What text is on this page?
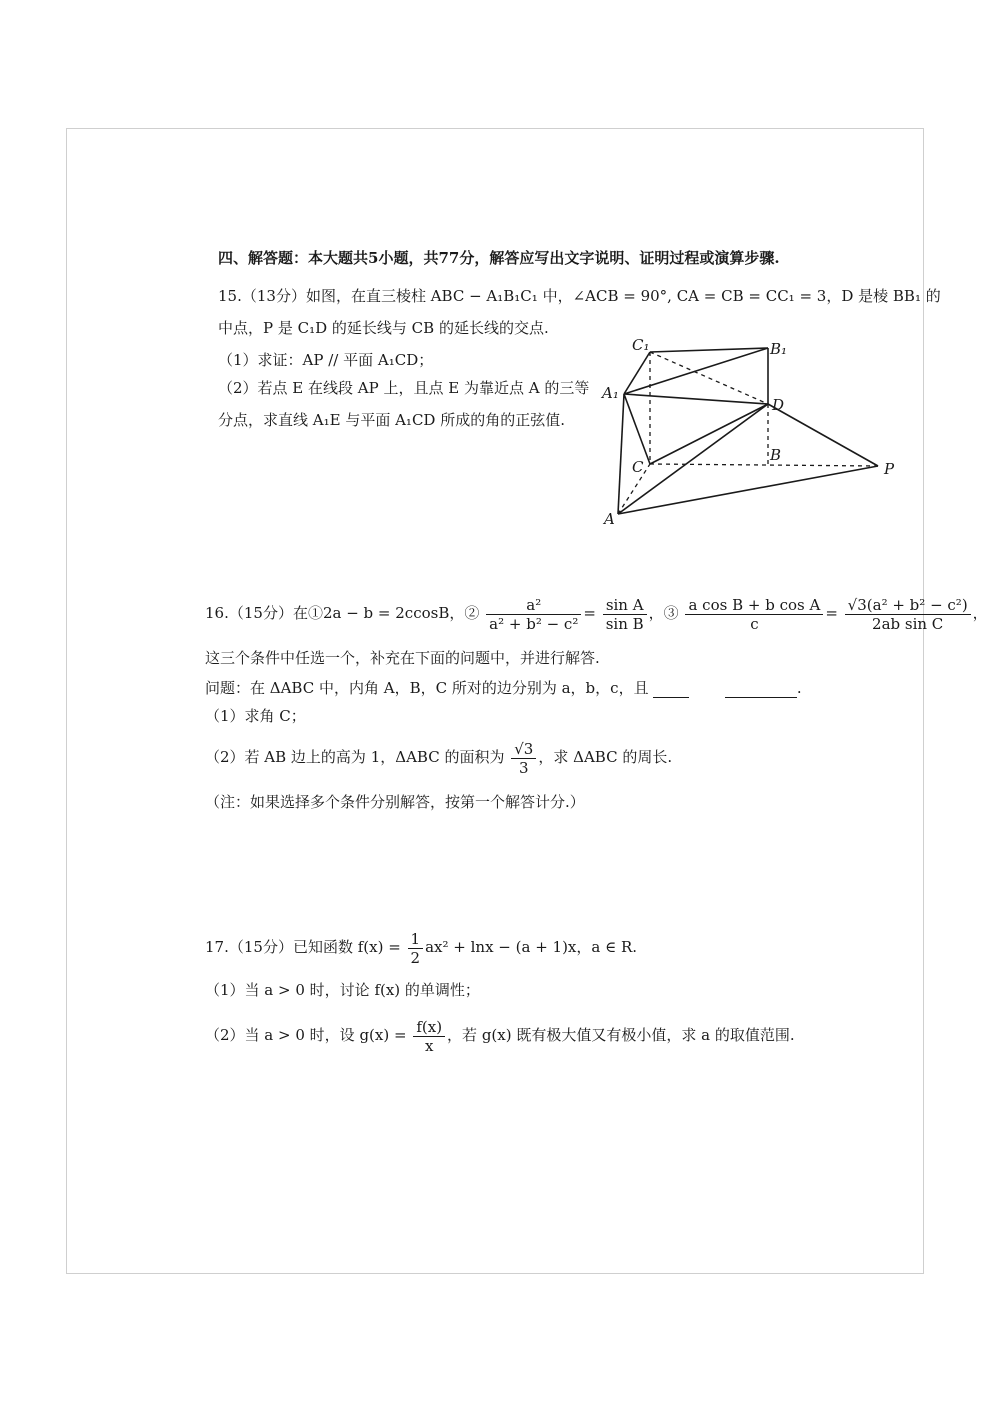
四、解答题：本大题共5小题，共77分，解答应写出文字说明、证明过程或演算步骤.
15.（13分）如图，在直三棱柱 ABC − A₁B₁C₁ 中，∠ACB = 90°, CA = CB = CC₁ = 3，D 是棱 BB₁ 的
中点，P 是 C₁D 的延长线与 CB 的延长线的交点.
（1）求证：AP // 平面 A₁CD；
（2）若点 E 在线段 AP 上，且点 E 为靠近点 A 的三等
分点，求直线 A₁E 与平面 A₁CD 所成的角的正弦值.
C₁	B₁
A₁
D
C
B
A
P
16.（15分）在①2a − b = 2ccosB，② $\frac{\text{a²}}{\text{a² + b² − c²}} = \frac{\text{sin A}}{\text{sin B}}$ ，③ $\frac{\text{a cos B + b cos A}}{c} = \frac{\text{√3(a² + b² − c²)}}{\text{2ab sin C}}$ ，
这三个条件中任选一个，补充在下面的问题中，并进行解答.
问题：在 ΔABC 中，内角 A，B，C 所对的边分别为 a，b，c，且	.
（1）求角 C；
（2）若 AB 边上的高为 1，ΔABC 的面积为 $\frac{√3}{3}$ ，求 ΔABC 的周长.
（注：如果选择多个条件分别解答，按第一个解答计分.）
17.（15分）已知函数 $f(x) = \frac{1}{2} ax^2 + \ln x - (a + 1)x$，a ∈ R.
（1）当 a > 0 时，讨论 f(x) 的单调性；
（2）当 a > 0 时，设 $g(x) = \frac{f(x)}{x}$ ，若 g(x) 既有极大值又有极小值，求 a 的取值范围.
